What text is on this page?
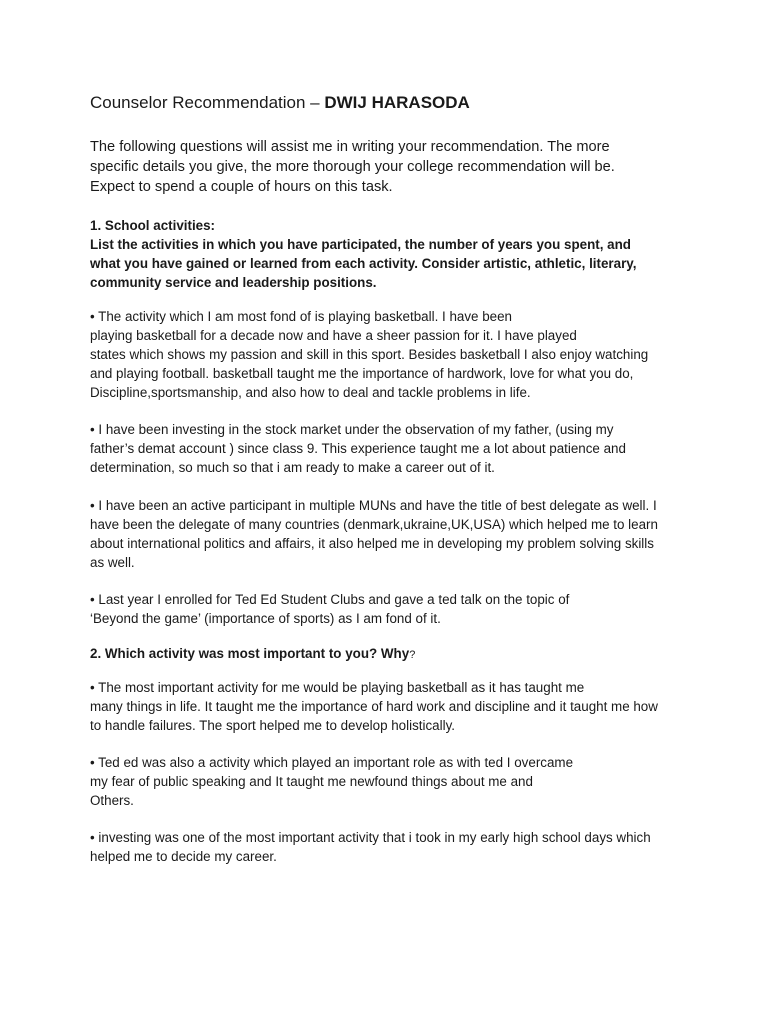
Counselor Recommendation – DWIJ HARASODA

The following questions will assist me in writing your recommendation. The more

specific details you give, the more thorough your college recommendation will be.

Expect to spend a couple of hours on this task.

1. School activities:

List the activities in which you have participated, the number of years you spent, and

what you have gained or learned from each activity. Consider artistic, athletic, literary,

community service and leadership positions.

• The activity which I am most fond of is playing basketball. I have been

playing basketball for a decade now and have a sheer passion for it. I have played

states which shows my passion and skill in this sport. Besides basketball I also enjoy watching

and playing football. basketball taught me the importance of hardwork, love for what you do,

Discipline,sportsmanship, and also how to deal and tackle problems in life.

• I have been investing in the stock market under the observation of my father, (using my

father’s demat account ) since class 9. This experience taught me a lot about patience and

determination, so much so that i am ready to make a career out of it.

• I have been an active participant in multiple MUNs and have the title of best delegate as well. I

have been the delegate of many countries (denmark,ukraine,UK,USA) which helped me to learn

about international politics and affairs, it also helped me in developing my problem solving skills

as well.

• Last year I enrolled for Ted Ed Student Clubs and gave a ted talk on the topic of

‘Beyond the game’ (importance of sports) as I am fond of it.

2. Which activity was most important to you? Why?

• The most important activity for me would be playing basketball as it has taught me

many things in life. It taught me the importance of hard work and discipline and it taught me how

to handle failures. The sport helped me to develop holistically.

• Ted ed was also a activity which played an important role as with ted I overcame

my fear of public speaking and It taught me newfound things about me and

Others.

• investing was one of the most important activity that i took in my early high school days which

helped me to decide my career.
